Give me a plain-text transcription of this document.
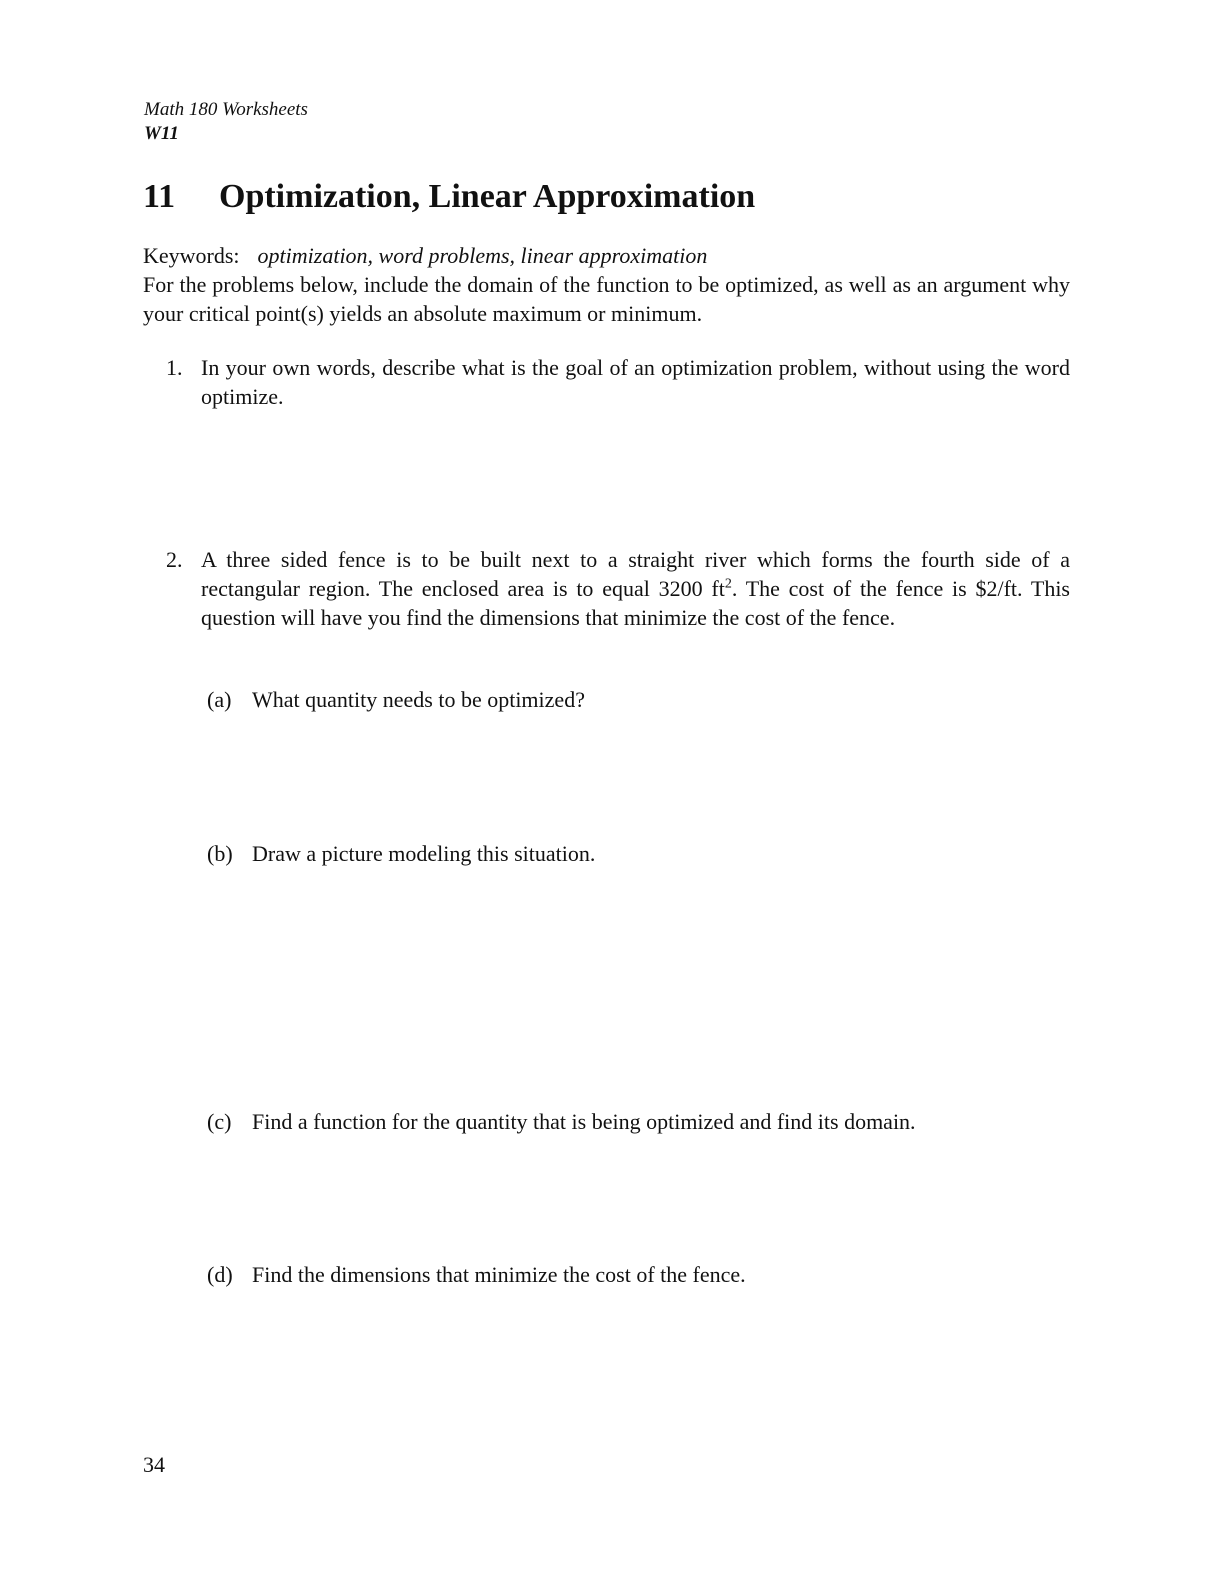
Math 180 Worksheets
W11
11 Optimization, Linear Approximation
Keywords: optimization, word problems, linear approximation
For the problems below, include the domain of the function to be optimized, as well as an argument why your critical point(s) yields an absolute maximum or minimum.
1. In your own words, describe what is the goal of an optimization problem, without using the word optimize.
2. A three sided fence is to be built next to a straight river which forms the fourth side of a rectangular region. The enclosed area is to equal 3200 $ft^2$. The cost of the fence is $2/ft. This question will have you find the dimensions that minimize the cost of the fence.
(a) What quantity needs to be optimized?
(b) Draw a picture modeling this situation.
(c) Find a function for the quantity that is being optimized and find its domain.
(d) Find the dimensions that minimize the cost of the fence.
34
